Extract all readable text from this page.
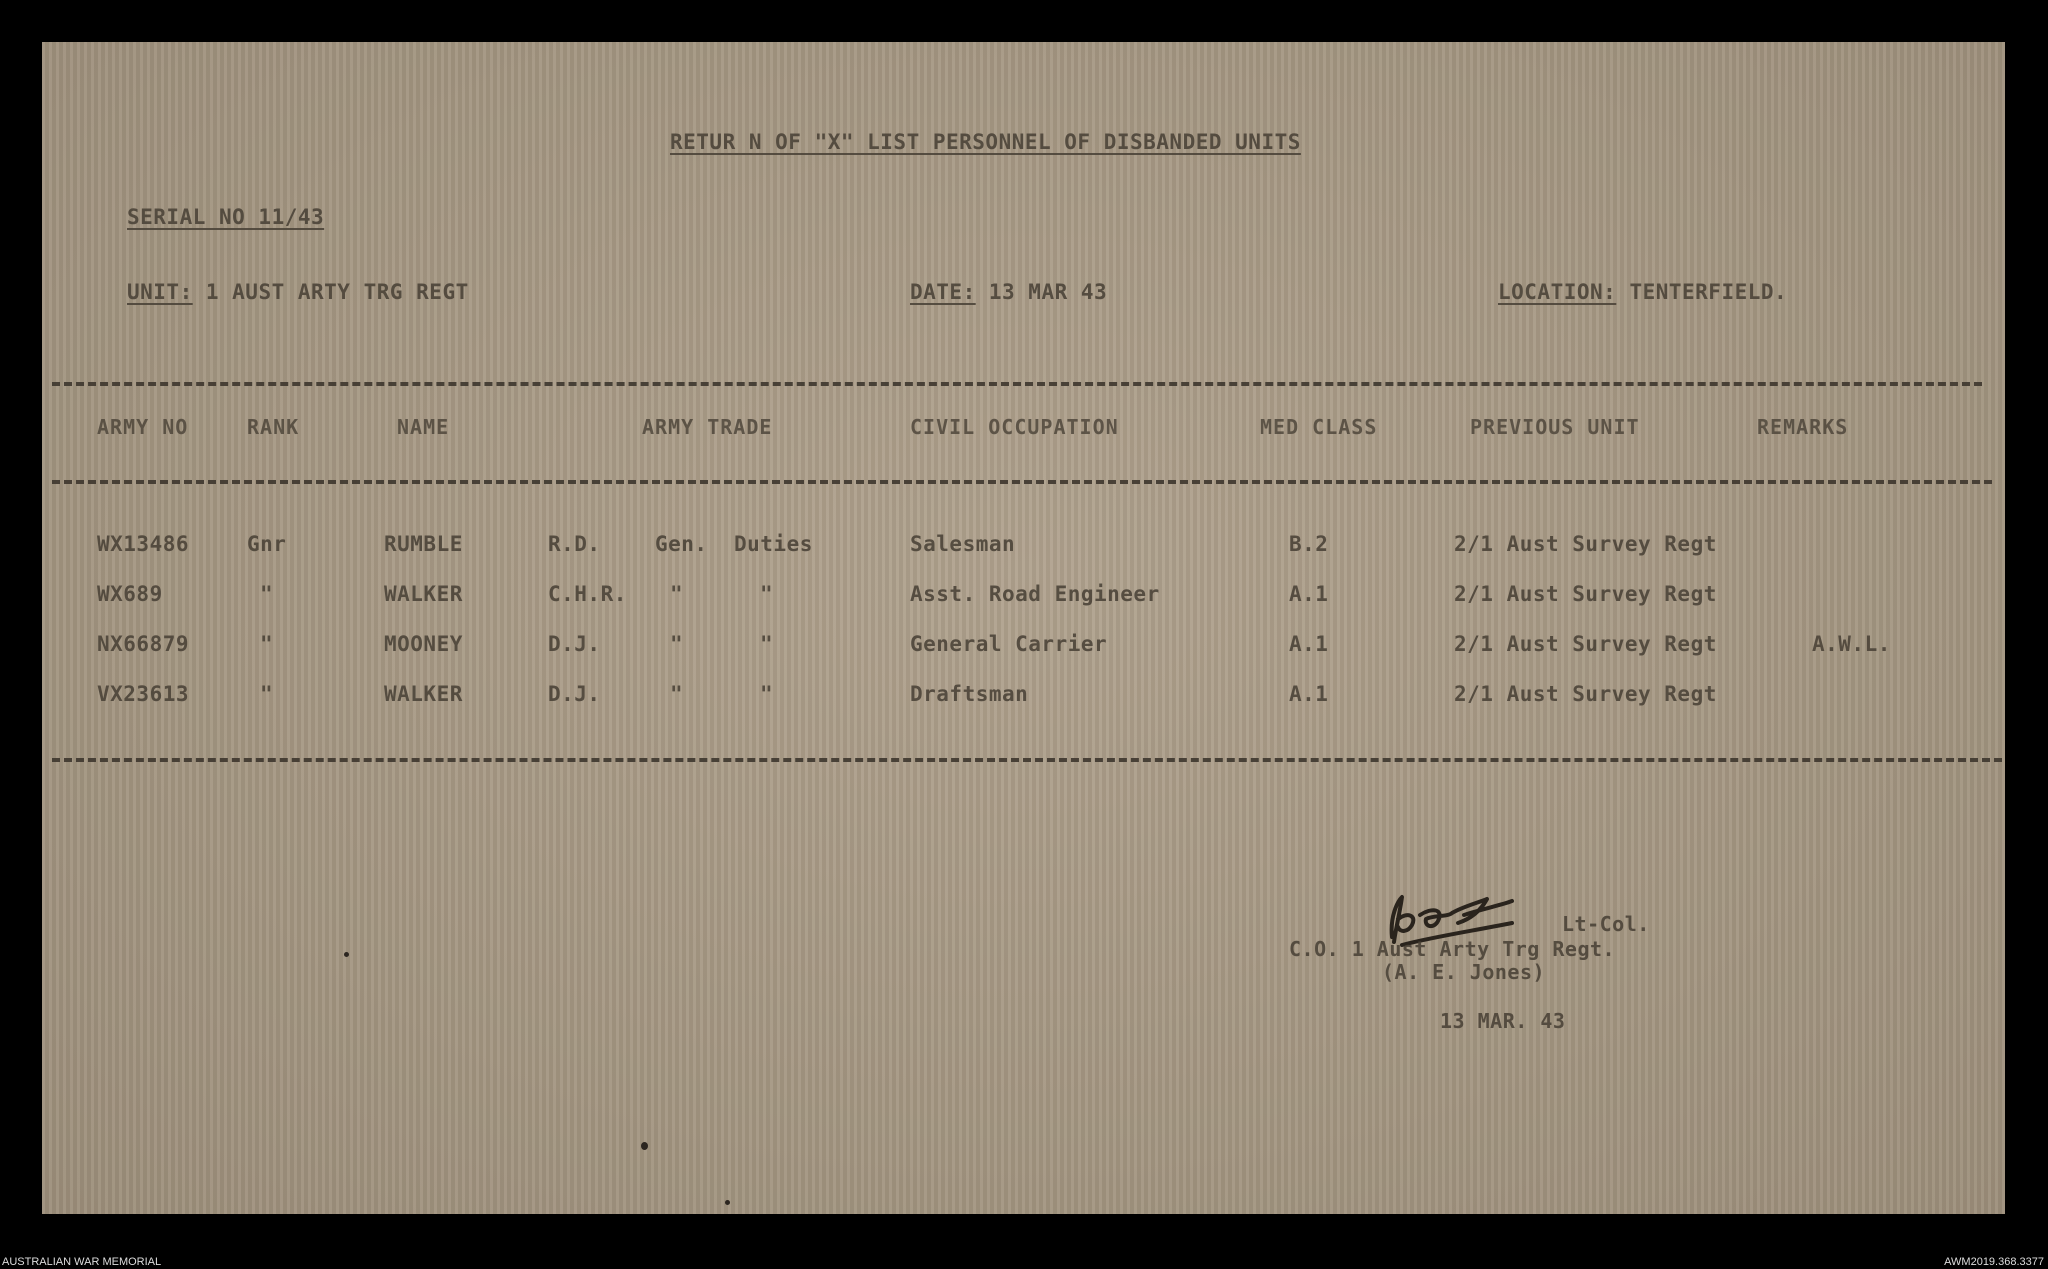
RETUR N OF "X" LIST PERSONNEL OF DISBANDED UNITS
SERIAL NO 11/43
UNIT: 1 AUST ARTY TRG REGT	DATE: 13 MAR 43	LOCATION: TENTERFIELD.
ARMY NO	RANK	NAME	ARMY TRADE	CIVIL OCCUPATION	MED CLASS	PREVIOUS UNIT	REMARKS
WX13486	Gnr	RUMBLE	R.D.	Gen. Duties	Salesman	B.2	2/1 Aust Survey Regt
WX689	"	WALKER	C.H.R. "	"	Asst. Road Engineer	A.1	2/1 Aust Survey Regt
NX66879	"	MOONEY	D.J.	"	"	General Carrier	A.1	2/1 Aust Survey Regt	A.W.L.
VX23613	"	WALKER	D.J.	"	"	Draftsman	A.1	2/1 Aust Survey Regt
Lt-Col.
C.O. 1 Aust Arty Trg Regt.
(A. E. Jones)
13 MAR. 43
AUSTRALIAN WAR MEMORIAL	AWM2019.368.3377
